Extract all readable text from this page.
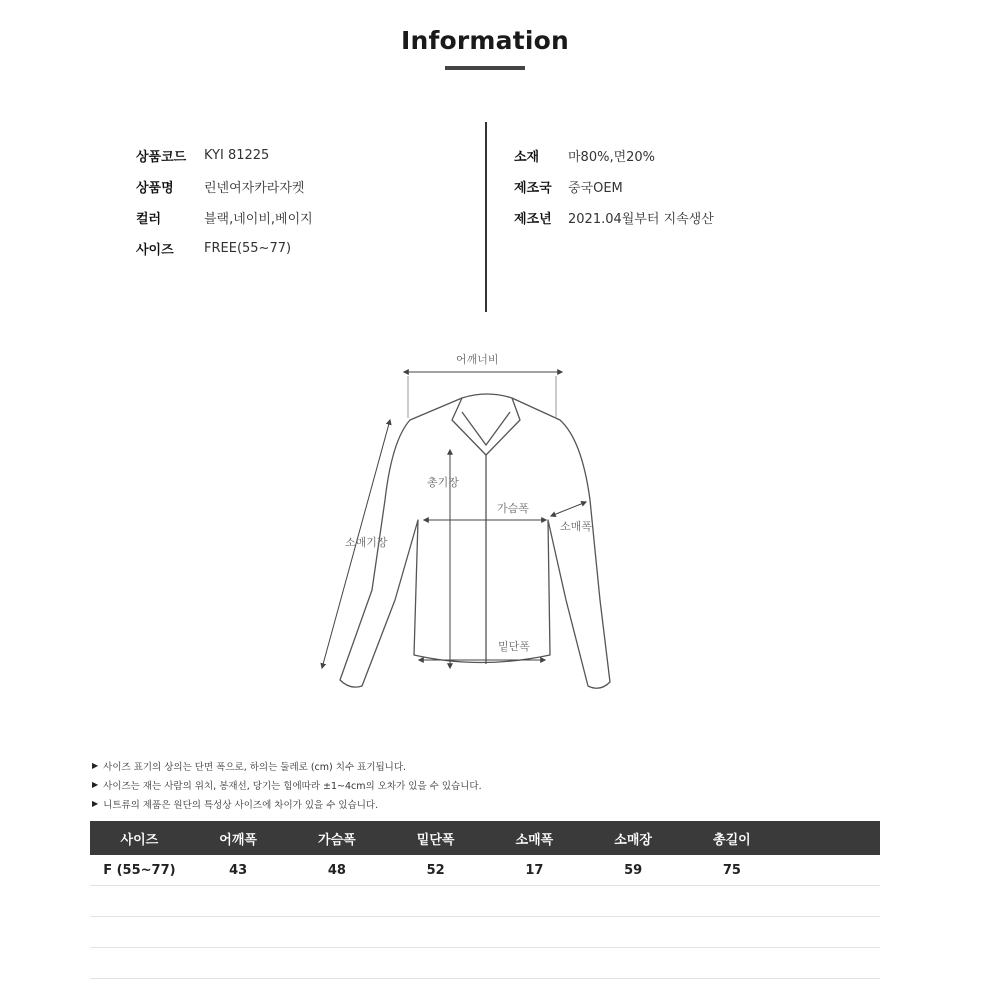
Information
상품코드	KYI 81225
상품명	린넨여자카라자켓
컬러	블랙,네이비,베이지
사이즈	FREE(55~77)
소재	마80%,면20%
제조국	중국OEM
제조년	2021.04월부터 지속생산
어깨너비
총기장
가슴폭
소매폭
소매기장
밑단폭
▶ 사이즈 표기의 상의는 단면 폭으로, 하의는 둘레로 (cm) 치수 표기됩니다.
▶ 사이즈는 재는 사람의 위치, 봉재선, 당기는 힘에따라 ±1~4cm의 오차가 있을 수 있습니다.
▶ 니트류의 제품은 원단의 특성상 사이즈에 차이가 있을 수 있습니다.
사이즈	어깨폭	가슴폭	밑단폭	소매폭	소매장	총길이	
F (55~77)	43	48	52	17	59	75	
